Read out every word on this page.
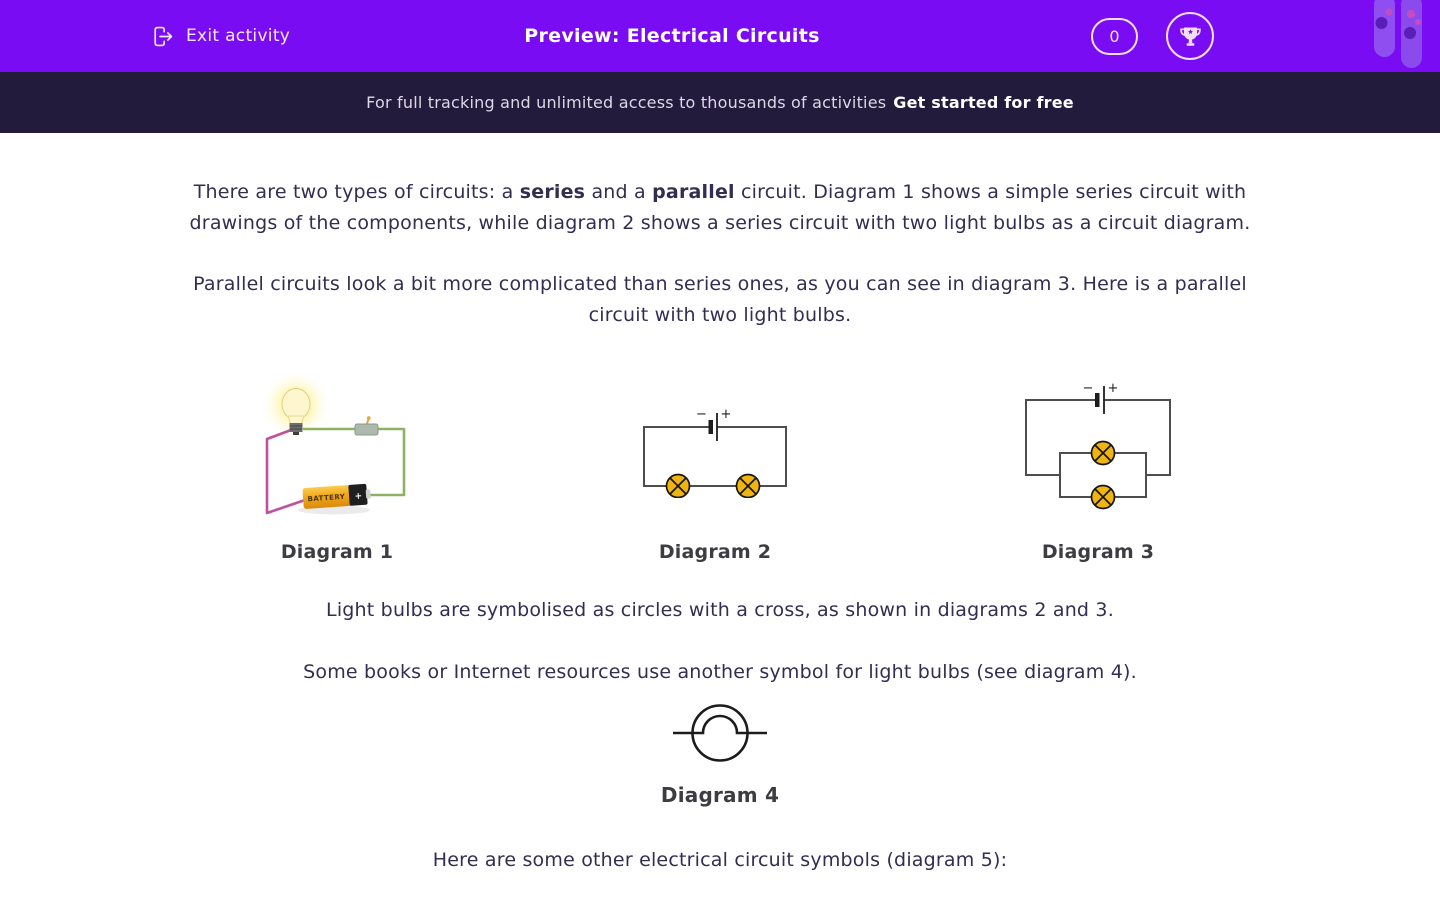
Exit activity	Preview: Electrical Circuits	0
For full tracking and unlimited access to thousands of activities Get started for free

There are two types of circuits: a series and a parallel circuit. Diagram 1 shows a simple series circuit with drawings of the components, while diagram 2 shows a series circuit with two light bulbs as a circuit diagram.

Parallel circuits look a bit more complicated than series ones, as you can see in diagram 3. Here is a parallel circuit with two light bulbs.

BATTERY +
Diagram 1
− +
Diagram 2
− +
Diagram 3

Light bulbs are symbolised as circles with a cross, as shown in diagrams 2 and 3.

Some books or Internet resources use another symbol for light bulbs (see diagram 4).

Diagram 4

Here are some other electrical circuit symbols (diagram 5):
